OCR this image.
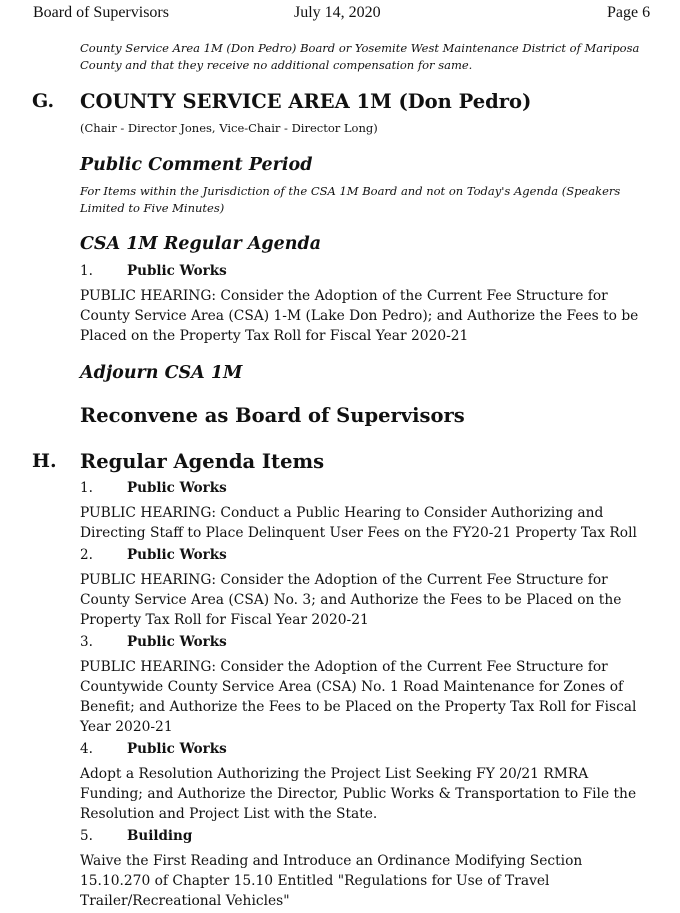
Board of Supervisors	July 14, 2020	Page 6
County Service Area 1M (Don Pedro) Board or Yosemite West Maintenance District of Mariposa
County and that they receive no additional compensation for same.
G. COUNTY SERVICE AREA 1M (Don Pedro)
(Chair - Director Jones, Vice-Chair - Director Long)
Public Comment Period
For Items within the Jurisdiction of the CSA 1M Board and not on Today's Agenda (Speakers
Limited to Five Minutes)
CSA 1M Regular Agenda
1.	Public Works
PUBLIC HEARING: Consider the Adoption of the Current Fee Structure for
County Service Area (CSA) 1-M (Lake Don Pedro); and Authorize the Fees to be
Placed on the Property Tax Roll for Fiscal Year 2020-21
Adjourn CSA 1M
Reconvene as Board of Supervisors
H. Regular Agenda Items
1.	Public Works
PUBLIC HEARING: Conduct a Public Hearing to Consider Authorizing and
Directing Staff to Place Delinquent User Fees on the FY20-21 Property Tax Roll
2.	Public Works
PUBLIC HEARING: Consider the Adoption of the Current Fee Structure for
County Service Area (CSA) No. 3; and Authorize the Fees to be Placed on the
Property Tax Roll for Fiscal Year 2020-21
3.	Public Works
PUBLIC HEARING: Consider the Adoption of the Current Fee Structure for
Countywide County Service Area (CSA) No. 1 Road Maintenance for Zones of
Benefit; and Authorize the Fees to be Placed on the Property Tax Roll for Fiscal
Year 2020-21
4.	Public Works
Adopt a Resolution Authorizing the Project List Seeking FY 20/21 RMRA
Funding; and Authorize the Director, Public Works & Transportation to File the
Resolution and Project List with the State.
5.	Building
Waive the First Reading and Introduce an Ordinance Modifying Section
15.10.270 of Chapter 15.10 Entitled "Regulations for Use of Travel
Trailer/Recreational Vehicles"
